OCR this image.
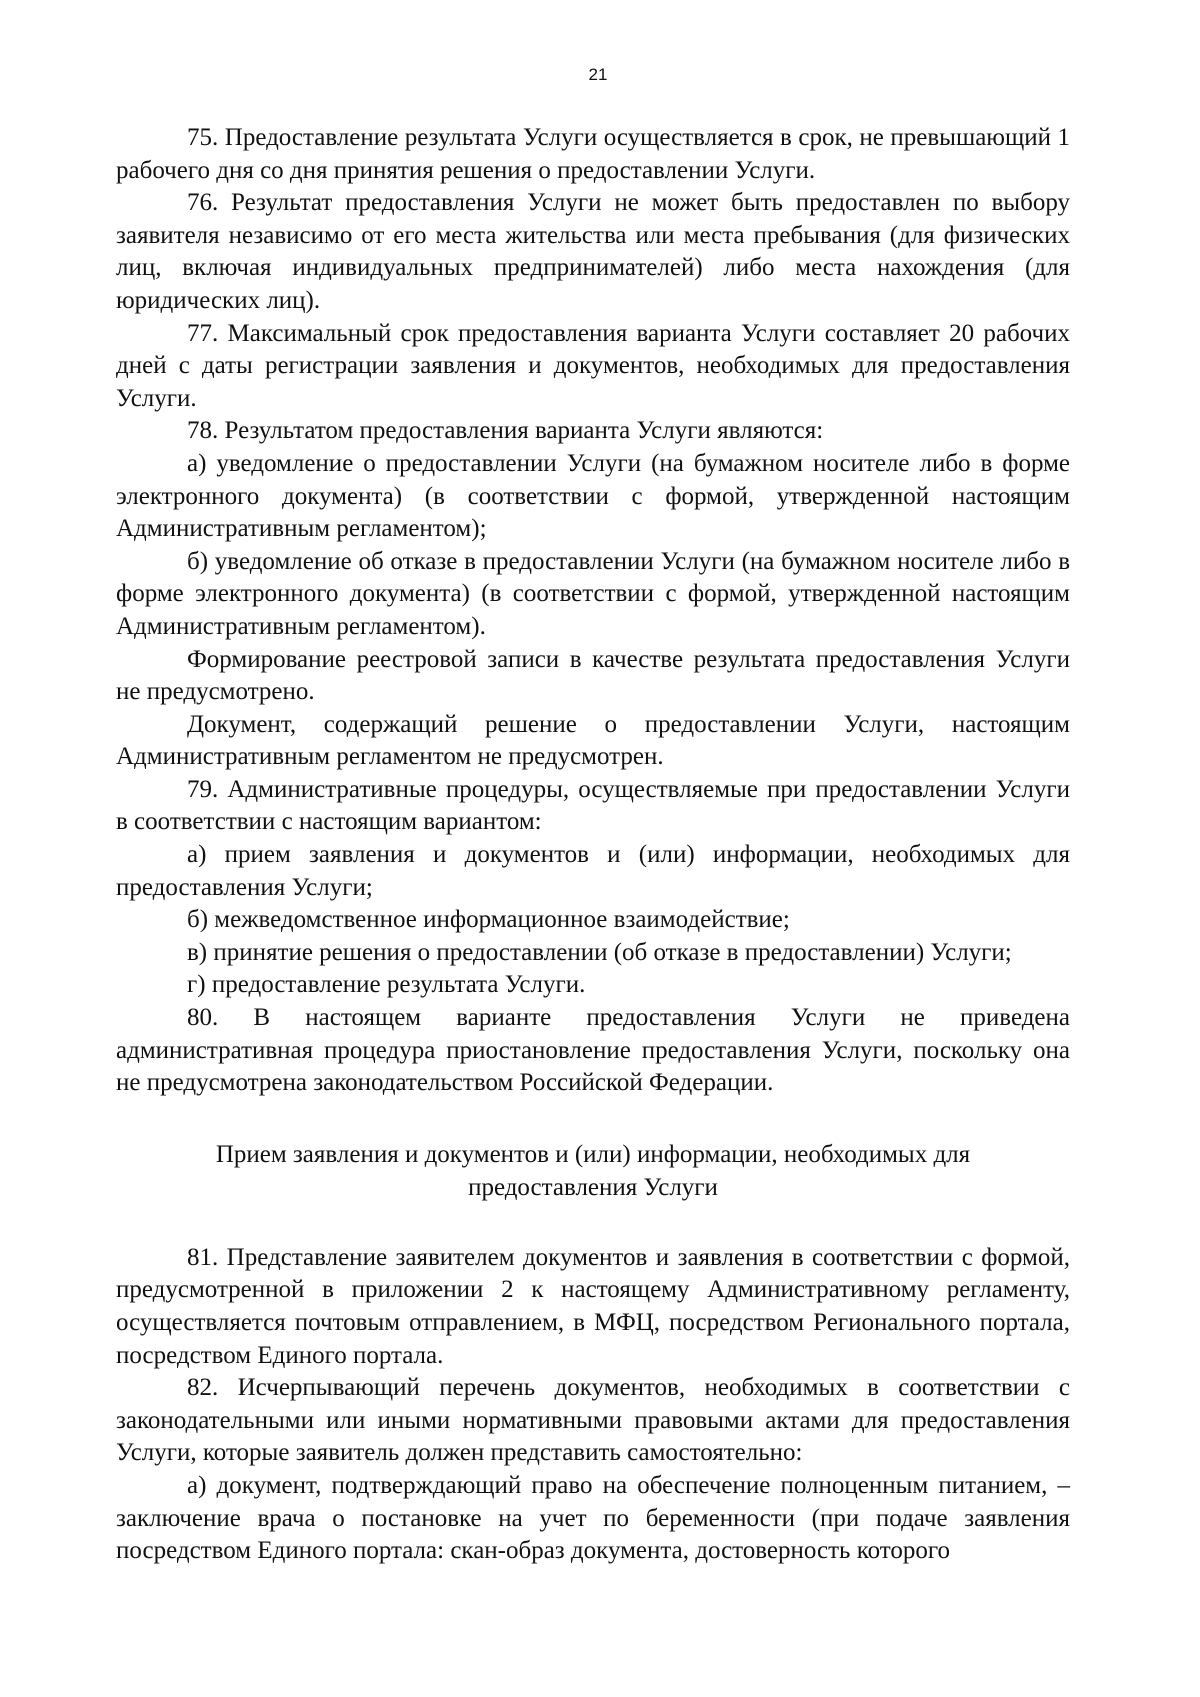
21

75. Предоставление результата Услуги осуществляется в срок, не превышающий 1 рабочего дня со дня принятия решения о предоставлении Услуги.

76. Результат предоставления Услуги не может быть предоставлен по выбору заявителя независимо от его места жительства или места пребывания (для физических лиц, включая индивидуальных предпринимателей) либо места нахождения (для юридических лиц).

77. Максимальный срок предоставления варианта Услуги составляет 20 рабочих дней с даты регистрации заявления и документов, необходимых для предоставления Услуги.

78. Результатом предоставления варианта Услуги являются:

а) уведомление о предоставлении Услуги (на бумажном носителе либо в форме электронного документа) (в соответствии с формой, утвержденной настоящим Административным регламентом);

б) уведомление об отказе в предоставлении Услуги (на бумажном носителе либо в форме электронного документа) (в соответствии с формой, утвержденной настоящим Административным регламентом).

Формирование реестровой записи в качестве результата предоставления Услуги не предусмотрено.

Документ, содержащий решение о предоставлении Услуги, настоящим Административным регламентом не предусмотрен.

79. Административные процедуры, осуществляемые при предоставлении Услуги в соответствии с настоящим вариантом:

а) прием заявления и документов и (или) информации, необходимых для предоставления Услуги;

б) межведомственное информационное взаимодействие;

в) принятие решения о предоставлении (об отказе в предоставлении) Услуги;

г) предоставление результата Услуги.

80. В настоящем варианте предоставления Услуги не приведена административная процедура приостановление предоставления Услуги, поскольку она не предусмотрена законодательством Российской Федерации.

Прием заявления и документов и (или) информации, необходимых для
предоставления Услуги

81. Представление заявителем документов и заявления в соответствии с формой, предусмотренной в приложении 2 к настоящему Административному регламенту, осуществляется почтовым отправлением, в МФЦ, посредством Регионального портала, посредством Единого портала.

82. Исчерпывающий перечень документов, необходимых в соответствии с законодательными или иными нормативными правовыми актами для предоставления Услуги, которые заявитель должен представить самостоятельно:

а) документ, подтверждающий право на обеспечение полноценным питанием, – заключение врача о постановке на учет по беременности (при подаче заявления посредством Единого портала: скан-образ документа, достоверность которого
